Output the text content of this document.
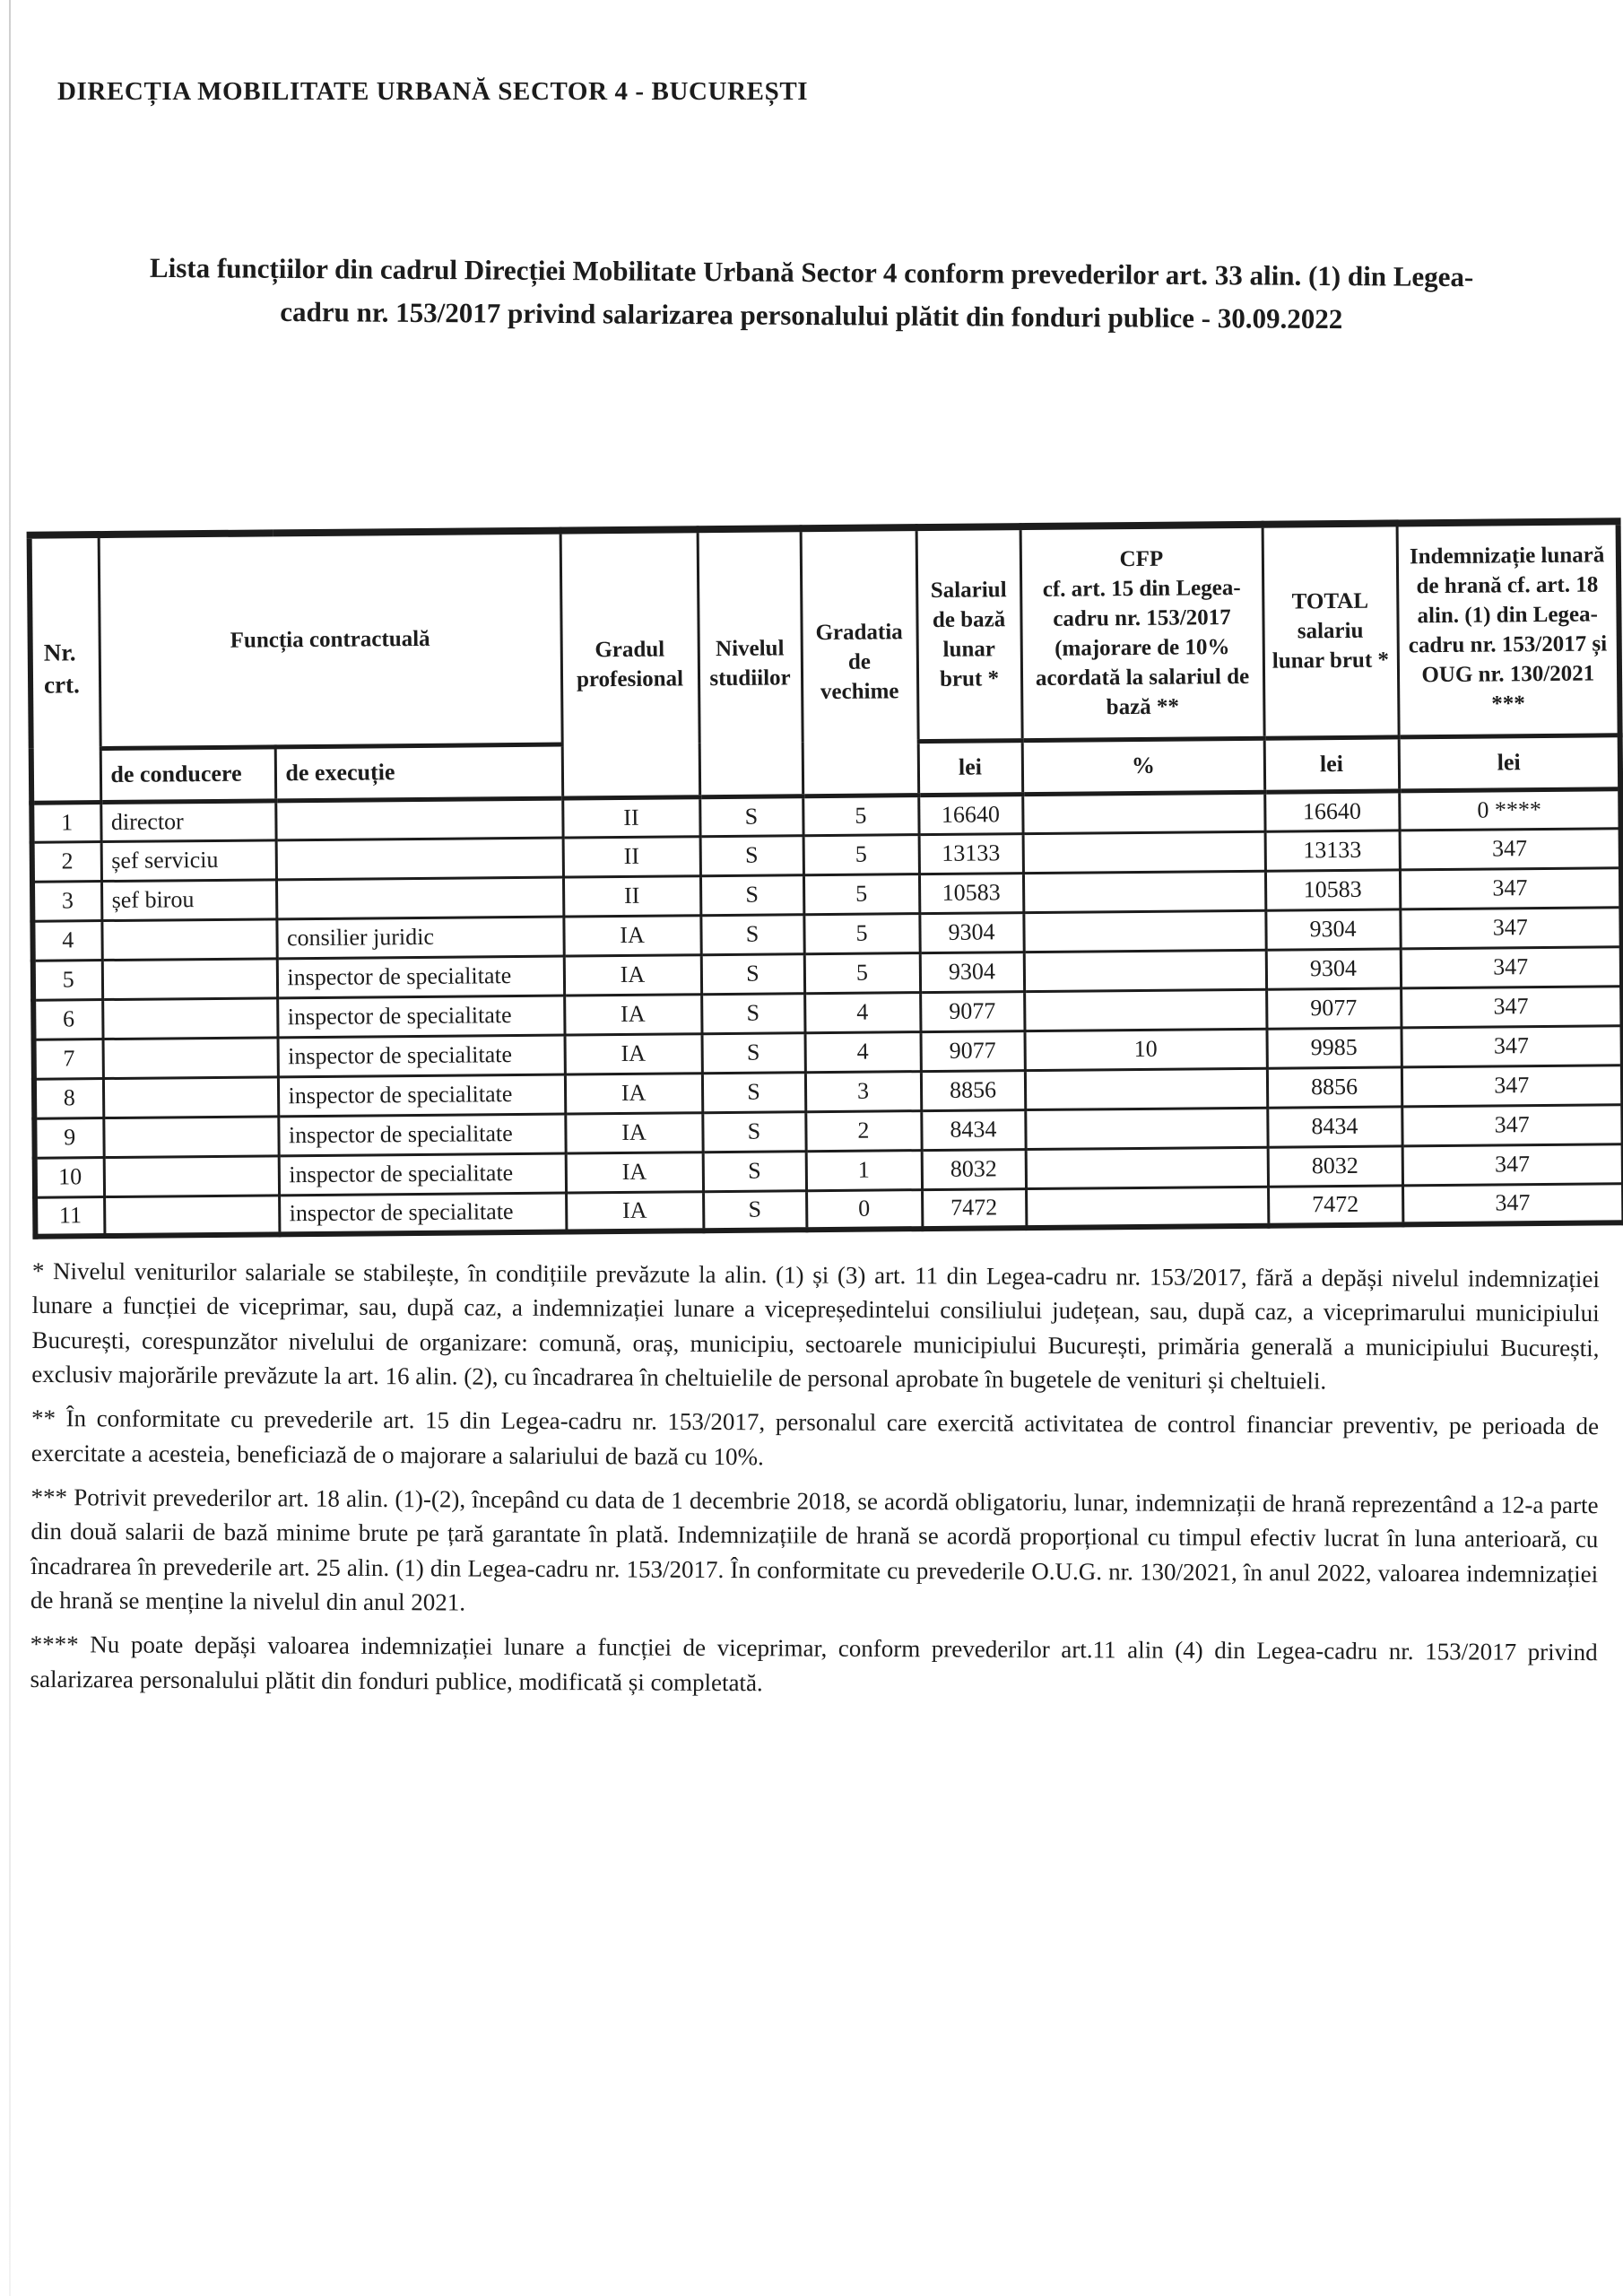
DIRECȚIA MOBILITATE URBANĂ SECTOR 4 - BUCUREȘTI
Lista funcțiilor din cadrul Direcției Mobilitate Urbană Sector 4 conform prevederilor art. 33 alin. (1) din Legea-
cadru nr. 153/2017 privind salarizarea personalului plătit din fonduri publice - 30.09.2022
Nr. crt.	Funcția contractuală		Gradul profesional	Nivelul studiilor	Gradatia de vechime	Salariul de bază lunar brut *	CFP
cf. art. 15 din Legea-cadru nr. 153/2017 (majorare de 10% acordată la salariul de bază **	TOTAL salariu lunar brut *	Indemnizație lunară de hrană cf. art. 18 alin. (1) din Legea-cadru nr. 153/2017 și OUG nr. 130/2021 ***
	de conducere	de execuție				lei	%	lei	lei
1	director		II	S	5	16640		16640	0 ****
2	șef serviciu		II	S	5	13133		13133	347
3	șef birou		II	S	5	10583		10583	347
4		consilier juridic	IA	S	5	9304		9304	347
5		inspector de specialitate	IA	S	5	9304		9304	347
6		inspector de specialitate	IA	S	4	9077		9077	347
7		inspector de specialitate	IA	S	4	9077	10	9985	347
8		inspector de specialitate	IA	S	3	8856		8856	347
9		inspector de specialitate	IA	S	2	8434		8434	347
10		inspector de specialitate	IA	S	1	8032		8032	347
11		inspector de specialitate	IA	S	0	7472		7472	347

* Nivelul veniturilor salariale se stabilește, în condițiile prevăzute la alin. (1) și (3) art. 11 din Legea-cadru nr. 153/2017, fără a depăși nivelul indemnizației lunare a funcției de viceprimar, sau, după caz, a indemnizației lunare a vicepreședintelui consiliului județean, sau, după caz, a viceprimarului municipiului București, corespunzător nivelului de organizare: comună, oraș, municipiu, sectoarele municipiului București, primăria generală a municipiului București, exclusiv majorările prevăzute la art. 16 alin. (2), cu încadrarea în cheltuielile de personal aprobate în bugetele de venituri și cheltuieli.

** În conformitate cu prevederile art. 15 din Legea-cadru nr. 153/2017, personalul care exercită activitatea de control financiar preventiv, pe perioada de exercitate a acesteia, beneficiază de o majorare a salariului de bază cu 10%.

*** Potrivit prevederilor art. 18 alin. (1)-(2), începând cu data de 1 decembrie 2018, se acordă obligatoriu, lunar, indemnizații de hrană reprezentând a 12-a parte din două salarii de bază minime brute pe țară garantate în plată. Indemnizațiile de hrană se acordă proporțional cu timpul efectiv lucrat în luna anterioară, cu încadrarea în prevederile art. 25 alin. (1) din Legea-cadru nr. 153/2017. În conformitate cu prevederile O.U.G. nr. 130/2021, în anul 2022, valoarea indemnizației de hrană se menține la nivelul din anul 2021.

**** Nu poate depăși valoarea indemnizației lunare a funcției de viceprimar, conform prevederilor art.11 alin (4) din Legea-cadru nr. 153/2017 privind salarizarea personalului plătit din fonduri publice, modificată și completată.
